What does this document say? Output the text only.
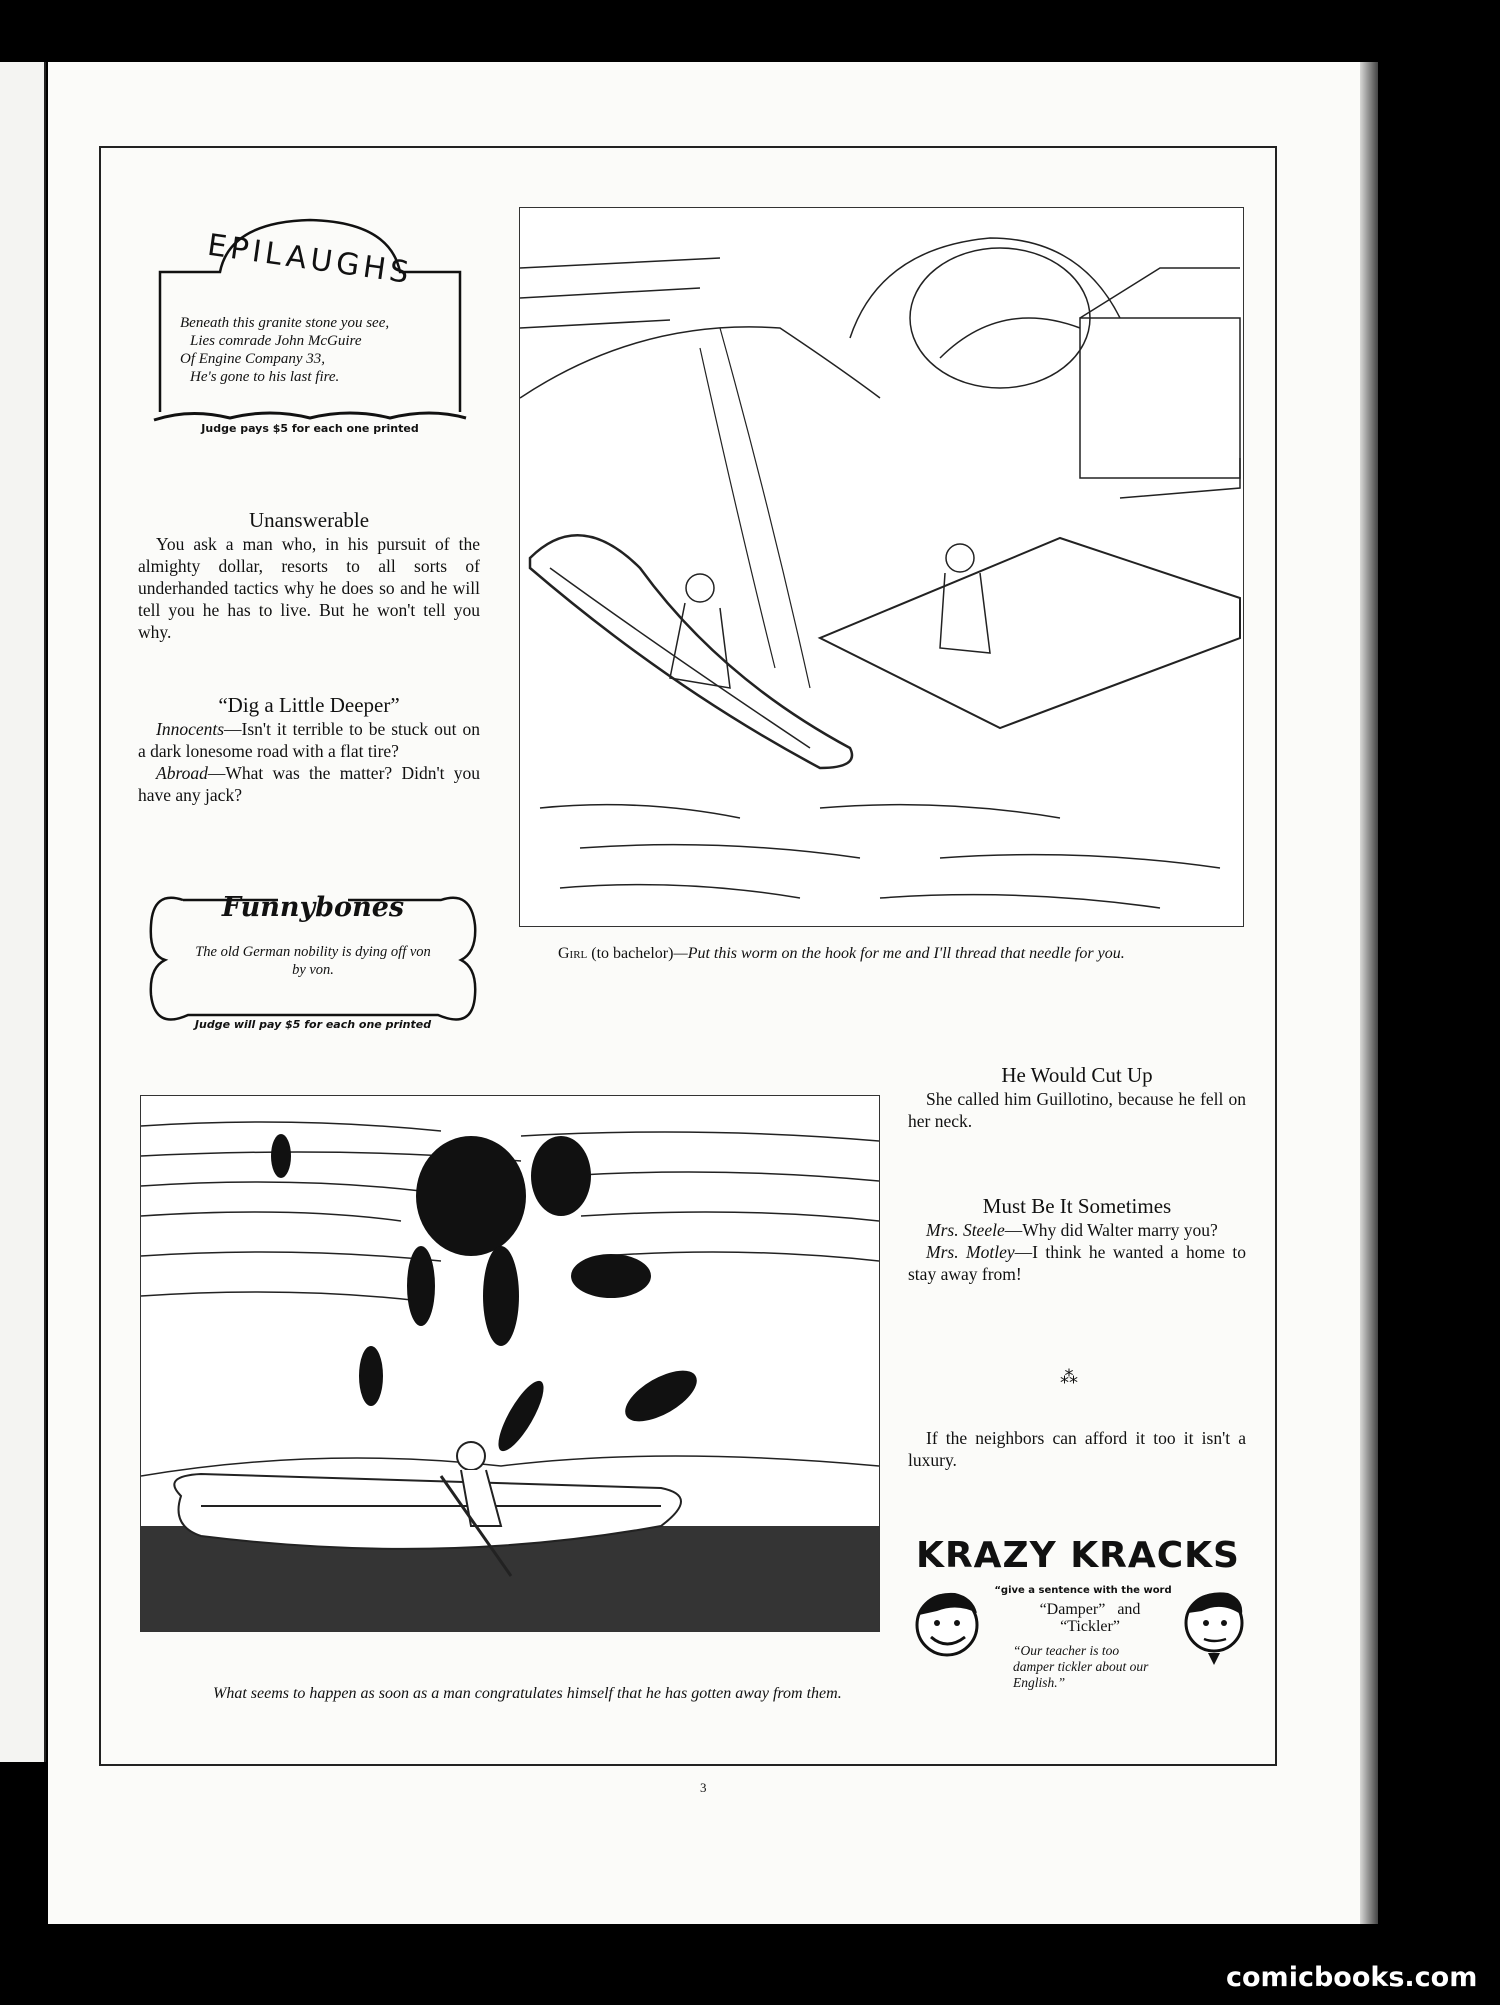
EPILAUGHS
Beneath this granite stone you see,
Lies comrade John McGuire
Of Engine Company 33,
He's gone to his last fire.
Judge pays $5 for each one printed
Unanswerable
You ask a man who, in his pursuit of the almighty dollar, resorts to all sorts of underhanded tactics why he does so and he will tell you he has to live. But he won't tell you why.
“Dig a Little Deeper”
Innocents—Isn't it terrible to be stuck out on a dark lonesome road with a flat tire?
Abroad—What was the matter? Didn't you have any jack?
Funnybones
The old German nobility is dying off von by von.
Judge will pay $5 for each one printed
Girl (to bachelor)—Put this worm on the hook for me and I'll thread that needle for you.
What seems to happen as soon as a man congratulates himself that he has gotten away from them.
He Would Cut Up
She called him Guillotino, because he fell on her neck.
Must Be It Sometimes
Mrs. Steele—Why did Walter marry you?
Mrs. Motley—I think he wanted a home to stay away from!
⁂
If the neighbors can afford it too it isn't a luxury.
KRAZY KRACKS
“give a sentence with the word
“Damper” and
“Tickler”
“Our teacher is too damper tickler about our English.”
3
comicbooks.com
